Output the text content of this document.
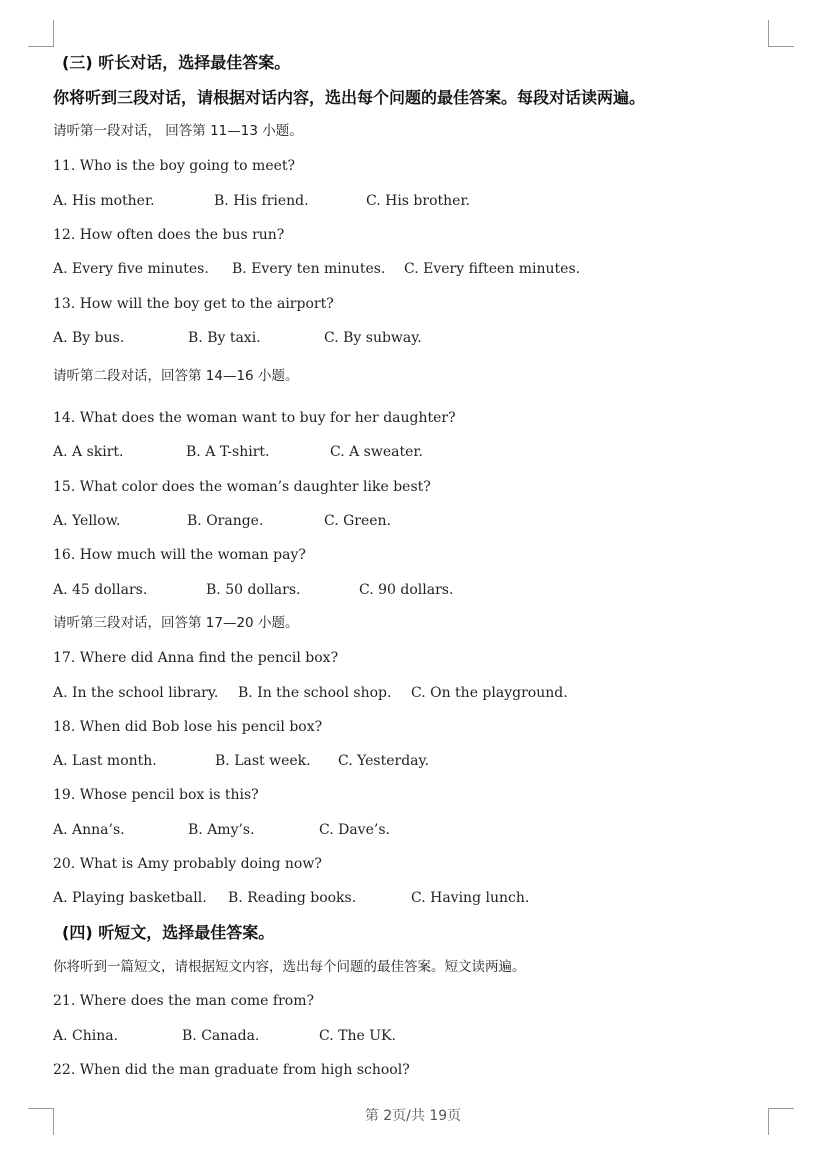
(三) 听长对话，选择最佳答案。
你将听到三段对话，请根据对话内容，选出每个问题的最佳答案。每段对话读两遍。
请听第一段对话， 回答第 11—13 小题。
11. Who is the boy going to meet?
A. His mother.	B. His friend.	C. His brother.
12. How often does the bus run?
A. Every five minutes. B. Every ten minutes. C. Every fifteen minutes.
13. How will the boy get to the airport?
A. By bus.	B. By taxi.	C. By subway.
请听第二段对话，回答第 14—16 小题。
14. What does the woman want to buy for her daughter?
A. A skirt.	B. A T-shirt.	C. A sweater.
15. What color does the woman’s daughter like best?
A. Yellow.	B. Orange.	C. Green.
16. How much will the woman pay?
A. 45 dollars.	B. 50 dollars.	C. 90 dollars.
请听第三段对话，回答第 17—20 小题。
17. Where did Anna find the pencil box?
A. In the school library. B. In the school shop. C. On the playground.
18. When did Bob lose his pencil box?
A. Last month.	B. Last week. C. Yesterday.
19. Whose pencil box is this?
A. Anna’s.	B. Amy’s.	C. Dave’s.
20. What is Amy probably doing now?
A. Playing basketball. B. Reading books.	C. Having lunch.
(四) 听短文，选择最佳答案。
你将听到一篇短文，请根据短文内容，选出每个问题的最佳答案。短文读两遍。
21. Where does the man come from?
A. China.	B. Canada.	C. The UK.
22. When did the man graduate from high school?
第 2页/共 19页
